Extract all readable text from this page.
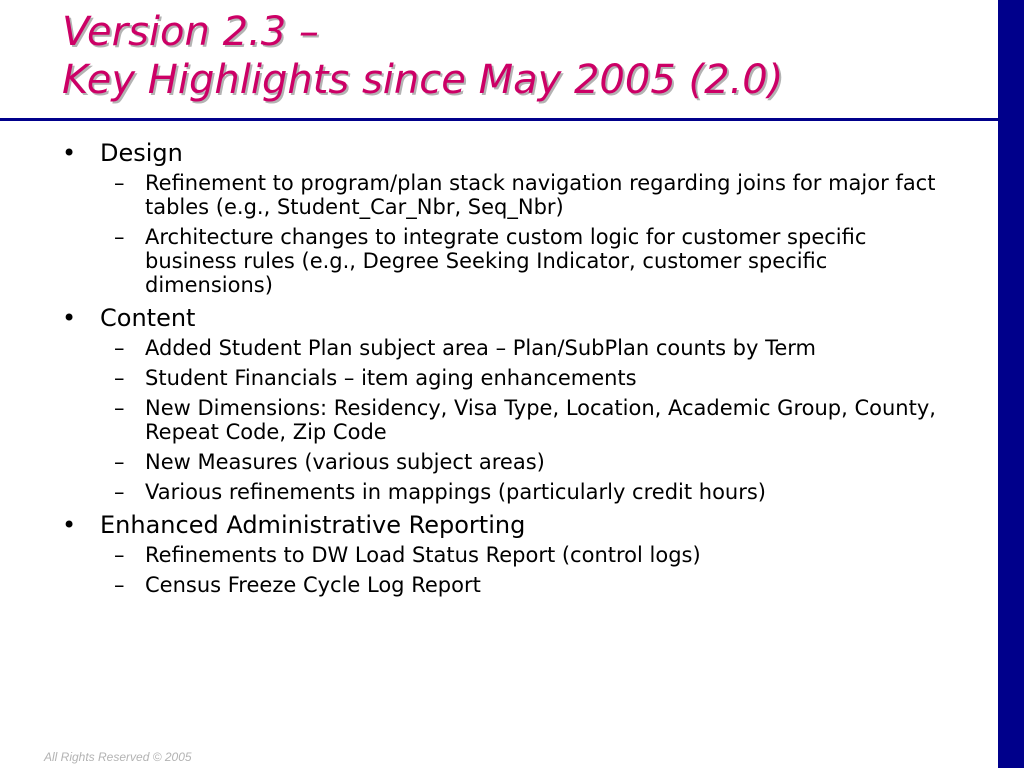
Version 2.3 –
Key Highlights since May 2005 (2.0)
• Design
– Refinement to program/plan stack navigation regarding joins for major fact tables (e.g., Student_Car_Nbr, Seq_Nbr)
– Architecture changes to integrate custom logic for customer specific business rules (e.g., Degree Seeking Indicator, customer specific dimensions)
• Content
– Added Student Plan subject area – Plan/SubPlan counts by Term
– Student Financials – item aging enhancements
– New Dimensions: Residency, Visa Type, Location, Academic Group, County, Repeat Code, Zip Code
– New Measures (various subject areas)
– Various refinements in mappings (particularly credit hours)
• Enhanced Administrative Reporting
– Refinements to DW Load Status Report (control logs)
– Census Freeze Cycle Log Report
All Rights Reserved © 2005
